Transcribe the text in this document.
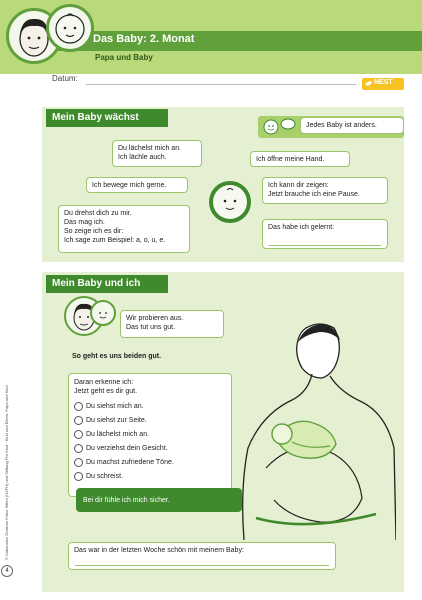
Das Baby: 2. Monat
Papa und Baby
Datum:	NEST
Mein Baby wächst
Jedes Baby ist anders.
Du lächelst mich an.
Ich lächle auch.	Ich öffne meine Hand.
Ich bewege mich gerne.	Ich kann dir zeigen:
Jetzt brauche ich eine Pause.
Du drehst dich zu mir.
Das mag ich.
So zeige ich es dir:
Ich sage zum Beispiel: a, o, u, e.
Das habe ich gelernt:
Mein Baby und ich
Wir probieren aus.
Das tut uns gut.
So geht es uns beiden gut.
Daran erkenne ich:
Jetzt geht es dir gut.
Du siehst mich an.
Du siehst zur Seite.
Du lächelst mich an.
Du verziehst dein Gesicht.
Du machst zufriedene Töne.
Du schreist.
Bei dir fühle ich mich sicher.
Das war in der letzten Woche schön mit meinem Baby:
4
© Nationales Zentrum Frühe Hilfen (NZFH) und Stiftung Pro Kind · Kind und Eltern: Papa und Kind
